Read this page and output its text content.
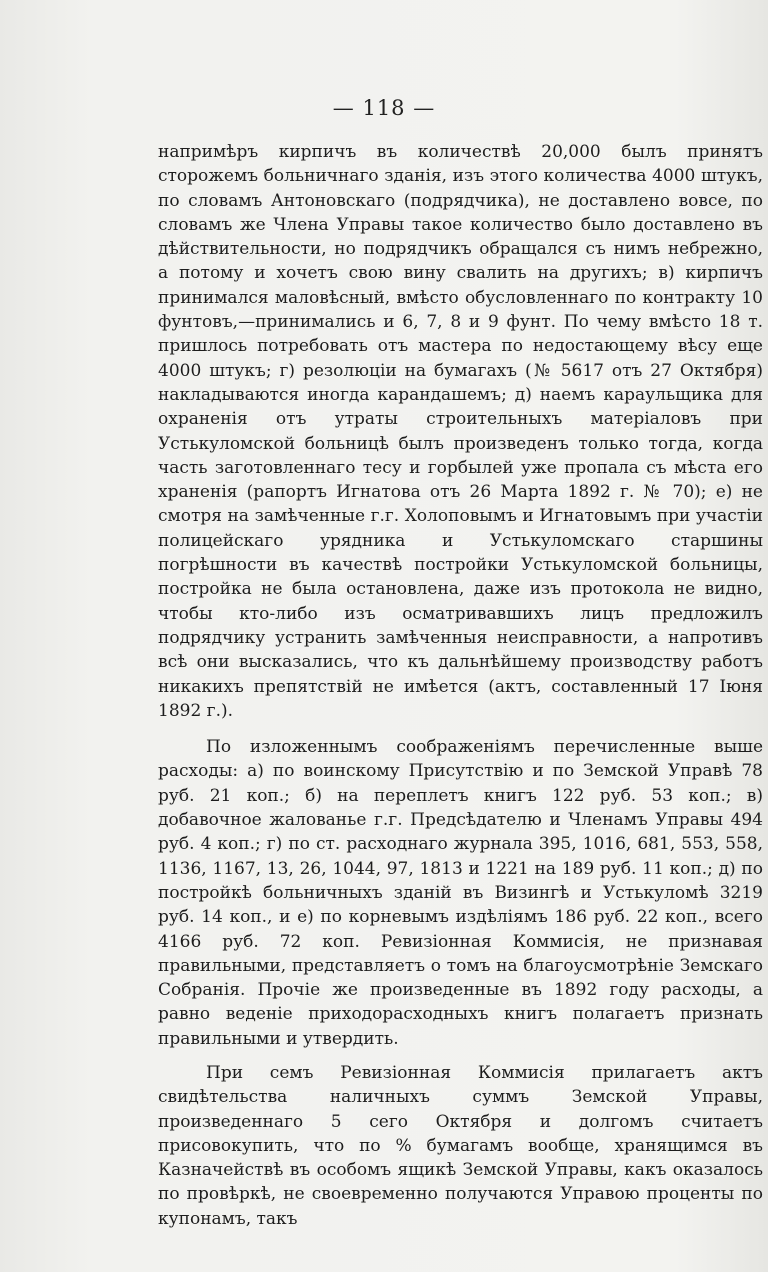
— 118 —

напримѣръ кирпичъ въ количествѣ 20,000 былъ принятъ сторожемъ больничнаго зданія, изъ этого количества 4000 штукъ, по словамъ Антоновскаго (подрядчика), не доставлено вовсе, по словамъ же Члена Управы такое количество было доставлено въ дѣйствительности, но подрядчикъ обращался съ нимъ небрежно, а потому и хочетъ свою вину свалить на другихъ; в) кирпичъ принимался маловѣсный, вмѣсто обусловленнаго по контракту 10 фунтовъ,—принимались и 6, 7, 8 и 9 фунт. По чему вмѣсто 18 т. пришлось потребовать отъ мастера по недостающему вѣсу еще 4000 штукъ; г) резолюціи на бумагахъ (№ 5617 отъ 27 Октября) накладываются иногда карандашемъ; д) наемъ караульщика для охраненія отъ утраты строительныхъ матеріаловъ при Устькуломской больницѣ былъ произведенъ только тогда, когда часть заготовленнаго тесу и горбылей уже пропала съ мѣста его храненія (рапортъ Игнатова отъ 26 Марта 1892 г. № 70); е) не смотря на замѣченные г.г. Холоповымъ и Игнатовымъ при участіи полицейскаго урядника и Устькуломскаго старшины погрѣшности въ качествѣ постройки Устькуломской больницы, постройка не была остановлена, даже изъ протокола не видно, чтобы кто-либо изъ осматривавшихъ лицъ предложилъ подрядчику устранить замѣченныя неисправности, а напротивъ всѣ они высказались, что къ дальнѣйшему производству работъ никакихъ препятствій не имѣется (актъ, составленный 17 Іюня 1892 г.).

По изложеннымъ соображеніямъ перечисленные выше расходы: а) по воинскому Присутствію и по Земской Управѣ 78 руб. 21 коп.; б) на переплетъ книгъ 122 руб. 53 коп.; в) добавочное жалованье г.г. Предсѣдателю и Членамъ Управы 494 руб. 4 коп.; г) по ст. расходнаго журнала 395, 1016, 681, 553, 558, 1136, 1167, 13, 26, 1044, 97, 1813 и 1221 на 189 руб. 11 коп.; д) по постройкѣ больничныхъ зданій въ Визингѣ и Устькуломѣ 3219 руб. 14 коп., и е) по корневымъ издѣліямъ 186 руб. 22 коп., всего 4166 руб. 72 коп. Ревизіонная Коммисія, не признавая правильными, представляетъ о томъ на благоусмотрѣніе Земскаго Собранія. Прочіе же произведенные въ 1892 году расходы, а равно веденіе приходорасходныхъ книгъ полагаетъ признать правильными и утвердить.

При семъ Ревизіонная Коммисія прилагаетъ актъ свидѣтельства наличныхъ суммъ Земской Управы, произведеннаго 5 сего Октября и долгомъ считаетъ присовокупить, что по % бумагамъ вообще, хранящимся въ Казначействѣ въ особомъ ящикѣ Земской Управы, какъ оказалось по провѣркѣ, не своевременно получаются Управою проценты по купонамъ, такъ
